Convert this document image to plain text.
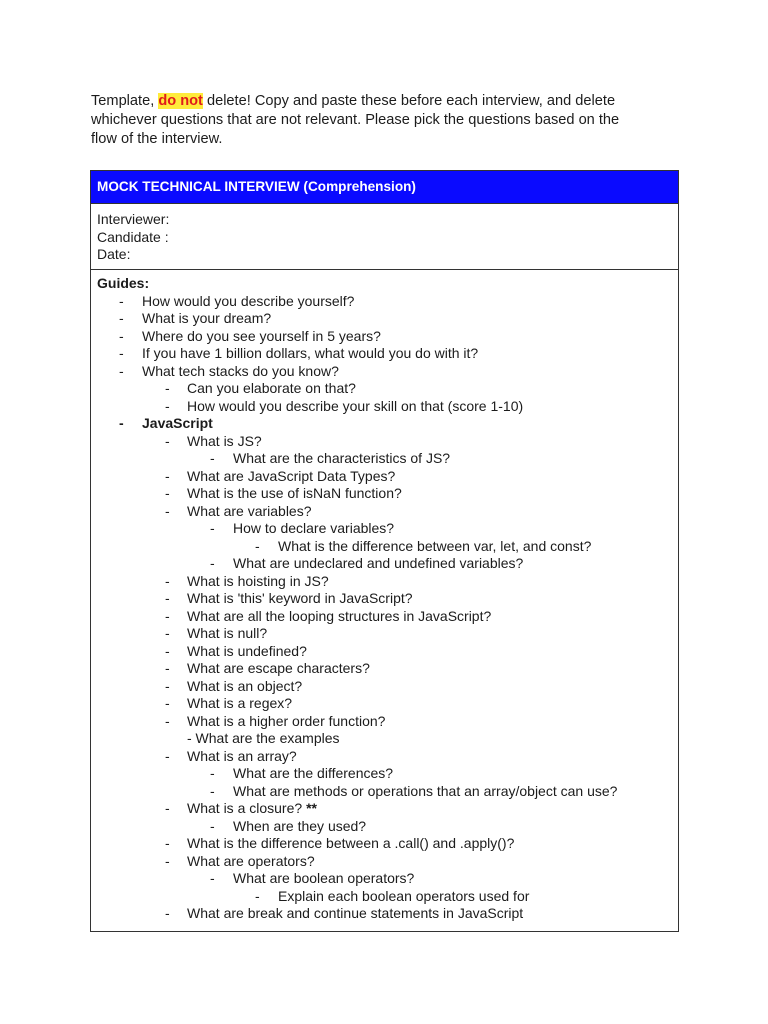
Template, do not delete! Copy and paste these before each interview, and delete
whichever questions that are not relevant. Please pick the questions based on the
flow of the interview.
MOCK TECHNICAL INTERVIEW (Comprehension)
Interviewer:
Candidate :
Date:
Guides:
- How would you describe yourself?
- What is your dream?
- Where do you see yourself in 5 years?
- If you have 1 billion dollars, what would you do with it?
- What tech stacks do you know?
- Can you elaborate on that?
- How would you describe your skill on that (score 1-10)
- JavaScript
- What is JS?
- What are the characteristics of JS?
- What are JavaScript Data Types?
- What is the use of isNaN function?
- What are variables?
- How to declare variables?
- What is the difference between var, let, and const?
- What are undeclared and undefined variables?
- What is hoisting in JS?
- What is 'this' keyword in JavaScript?
- What are all the looping structures in JavaScript?
- What is null?
- What is undefined?
- What are escape characters?
- What is an object?
- What is a regex?
- What is a higher order function?
- What are the examples
- What is an array?
- What are the differences?
- What are methods or operations that an array/object can use?
- What is a closure? **
- When are they used?
- What is the difference between a .call() and .apply()?
- What are operators?
- What are boolean operators?
- Explain each boolean operators used for
- What are break and continue statements in JavaScript
